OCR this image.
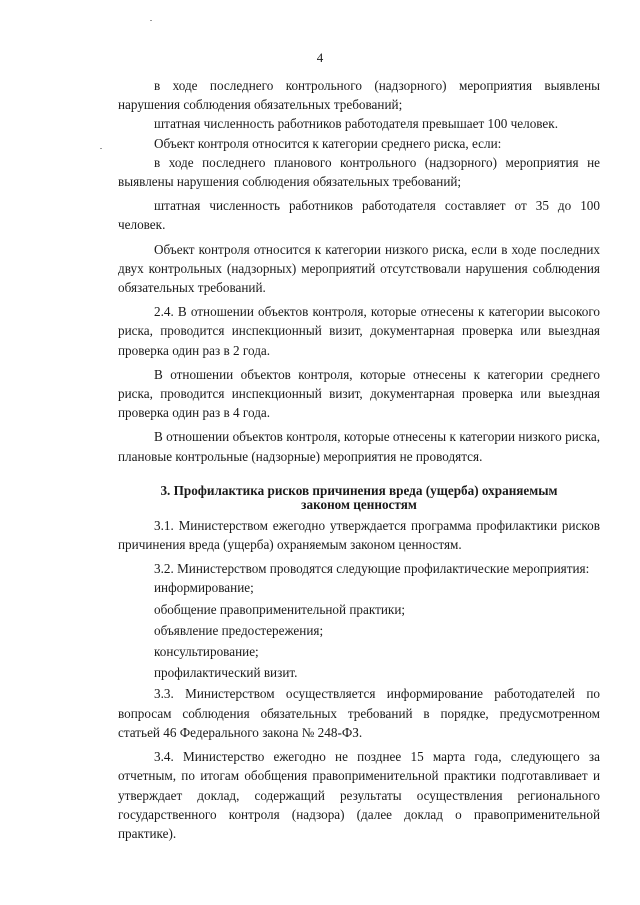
4

в ходе последнего контрольного (надзорного) мероприятия выявлены нарушения соблюдения обязательных требований;

штатная численность работников работодателя превышает 100 человек.

Объект контроля относится к категории среднего риска, если:

в ходе последнего планового контрольного (надзорного) мероприятия не выявлены нарушения соблюдения обязательных требований;

штатная численность работников работодателя составляет от 35 до 100 человек.

Объект контроля относится к категории низкого риска, если в ходе последних двух контрольных (надзорных) мероприятий отсутствовали нарушения соблюдения обязательных требований.

2.4. В отношении объектов контроля, которые отнесены к категории высокого риска, проводится инспекционный визит, документарная проверка или выездная проверка один раз в 2 года.

В отношении объектов контроля, которые отнесены к категории среднего риска, проводится инспекционный визит, документарная проверка или выездная проверка один раз в 4 года.

В отношении объектов контроля, которые отнесены к категории низкого риска, плановые контрольные (надзорные) мероприятия не проводятся.

3. Профилактика рисков причинения вреда (ущерба) охраняемым законом ценностям

3.1. Министерством ежегодно утверждается программа профилактики рисков причинения вреда (ущерба) охраняемым законом ценностям.

3.2. Министерством проводятся следующие профилактические мероприятия:

информирование;
обобщение правоприменительной практики;
объявление предостережения;
консультирование;
профилактический визит.

3.3. Министерством осуществляется информирование работодателей по вопросам соблюдения обязательных требований в порядке, предусмотренном статьей 46 Федерального закона № 248-ФЗ.

3.4. Министерство ежегодно не позднее 15 марта года, следующего за отчетным, по итогам обобщения правоприменительной практики подготавливает и утверждает доклад, содержащий результаты осуществления регионального государственного контроля (надзора) (далее доклад о правоприменительной практике).
